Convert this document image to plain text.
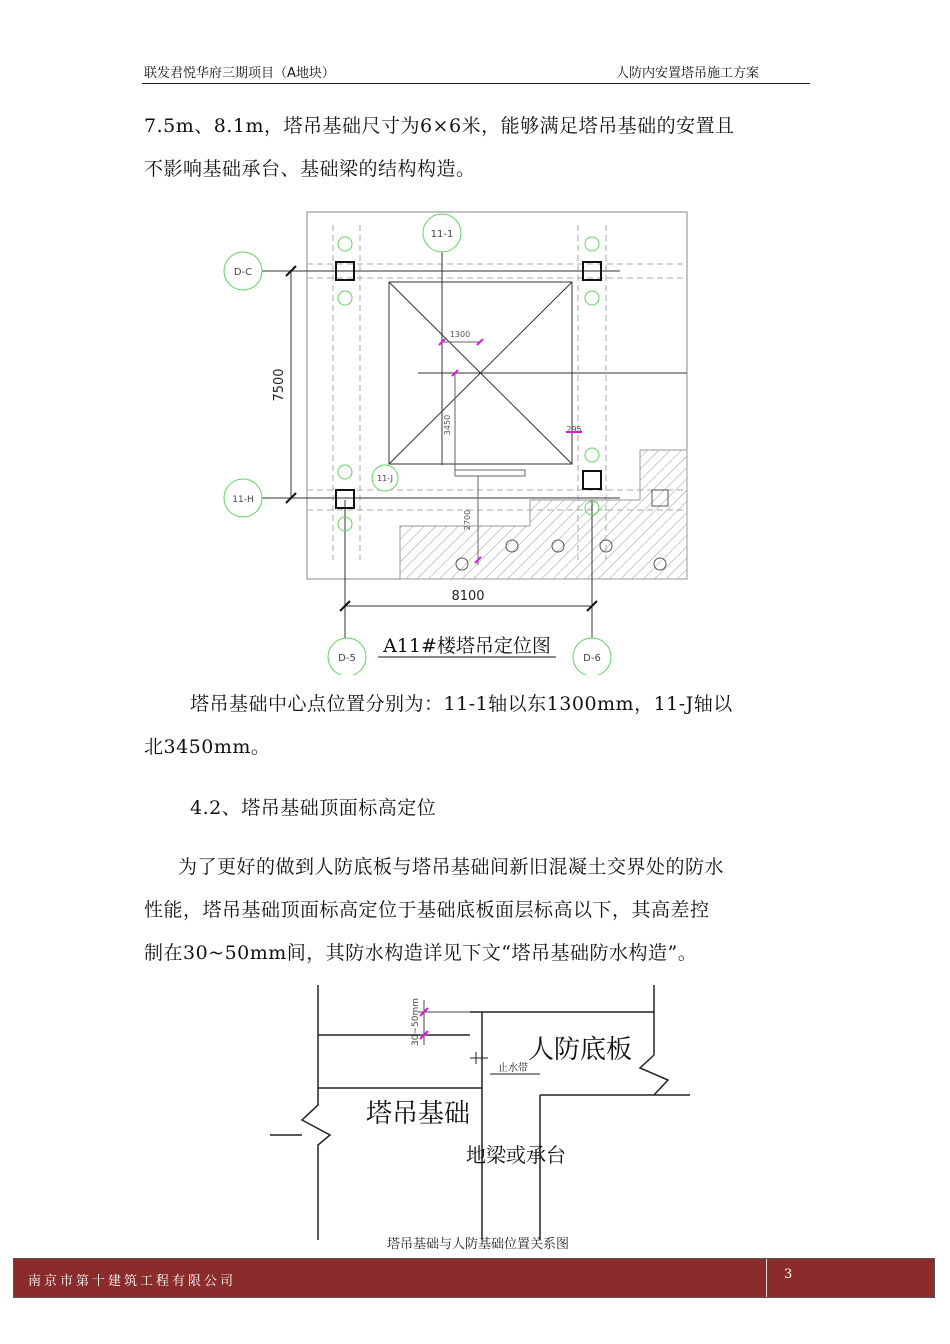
联发君悦华府三期项目（A地块）	人防内安置塔吊施工方案
7.5m、8.1m，塔吊基础尺寸为6×6米，能够满足塔吊基础的安置且
不影响基础承台、基础梁的结构构造。
11-1
D-C
11-H
11-J
D-5	D-6
7500
8100
1300
3450	295
2700
A11#楼塔吊定位图
塔吊基础中心点位置分别为：11-1轴以东1300mm，11-J轴以
北3450mm。
4.2、塔吊基础顶面标高定位
为了更好的做到人防底板与塔吊基础间新旧混凝土交界处的防水
性能，塔吊基础顶面标高定位于基础底板面层标高以下，其高差控
制在30~50mm间，其防水构造详见下文“塔吊基础防水构造”。
30~50mm
止水带
人防底板
塔吊基础
地梁或承台
塔吊基础与人防基础位置关系图
南京市第十建筑工程有限公司	3
